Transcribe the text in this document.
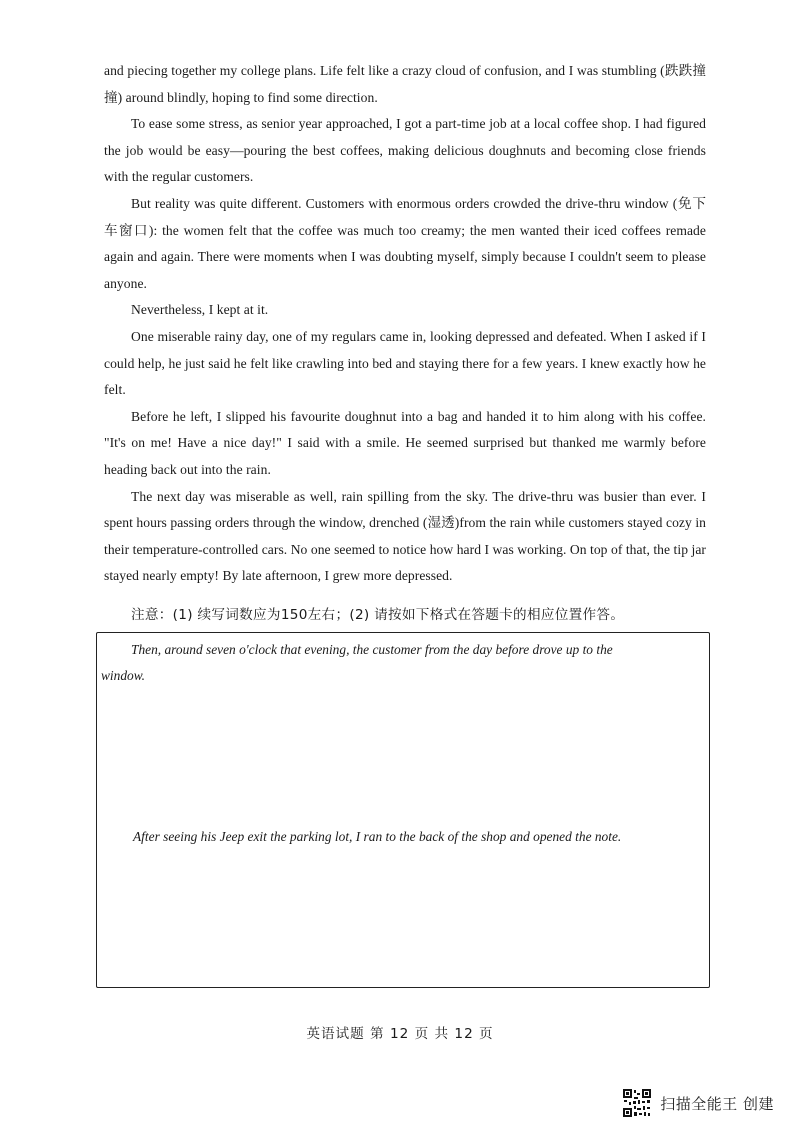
and piecing together my college plans. Life felt like a crazy cloud of confusion, and I was stumbling (跌跌撞撞) around blindly, hoping to find some direction.

To ease some stress, as senior year approached, I got a part-time job at a local coffee shop. I had figured the job would be easy—pouring the best coffees, making delicious doughnuts and becoming close friends with the regular customers.

But reality was quite different. Customers with enormous orders crowded the drive-thru window (免下车窗口): the women felt that the coffee was much too creamy; the men wanted their iced coffees remade again and again. There were moments when I was doubting myself, simply because I couldn't seem to please anyone.

Nevertheless, I kept at it.

One miserable rainy day, one of my regulars came in, looking depressed and defeated. When I asked if I could help, he just said he felt like crawling into bed and staying there for a few years. I knew exactly how he felt.

Before he left, I slipped his favourite doughnut into a bag and handed it to him along with his coffee. "It's on me! Have a nice day!" I said with a smile. He seemed surprised but thanked me warmly before heading back out into the rain.

The next day was miserable as well, rain spilling from the sky. The drive-thru was busier than ever. I spent hours passing orders through the window, drenched (湿透)from the rain while customers stayed cozy in their temperature-controlled cars. No one seemed to notice how hard I was working. On top of that, the tip jar stayed nearly empty! By late afternoon, I grew more depressed.

注意：(1) 续写词数应为150左右；(2) 请按如下格式在答题卡的相应位置作答。
Then, around seven o'clock that evening, the customer from the day before drove up to the
window.
After seeing his Jeep exit the parking lot, I ran to the back of the shop and opened the note.
英语试题 第 12 页 共 12 页
扫描全能王 创建
